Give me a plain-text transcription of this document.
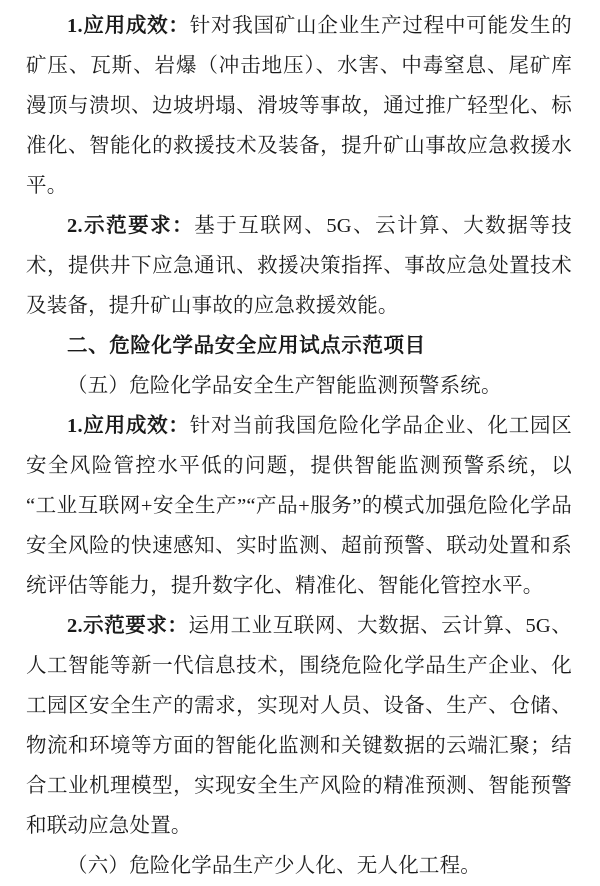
1.应用成效：针对我国矿山企业生产过程中可能发生的矿压、瓦斯、岩爆（冲击地压）、水害、中毒窒息、尾矿库漫顶与溃坝、边坡坍塌、滑坡等事故，通过推广轻型化、标准化、智能化的救援技术及装备，提升矿山事故应急救援水平。

2.示范要求：基于互联网、5G、云计算、大数据等技术，提供井下应急通讯、救援决策指挥、事故应急处置技术及装备，提升矿山事故的应急救援效能。

二、危险化学品安全应用试点示范项目

（五）危险化学品安全生产智能监测预警系统。

1.应用成效：针对当前我国危险化学品企业、化工园区安全风险管控水平低的问题，提供智能监测预警系统，以“工业互联网+安全生产”“产品+服务”的模式加强危险化学品安全风险的快速感知、实时监测、超前预警、联动处置和系统评估等能力，提升数字化、精准化、智能化管控水平。

2.示范要求：运用工业互联网、大数据、云计算、5G、人工智能等新一代信息技术，围绕危险化学品生产企业、化工园区安全生产的需求，实现对人员、设备、生产、仓储、物流和环境等方面的智能化监测和关键数据的云端汇聚；结合工业机理模型，实现安全生产风险的精准预测、智能预警和联动应急处置。

（六）危险化学品生产少人化、无人化工程。
